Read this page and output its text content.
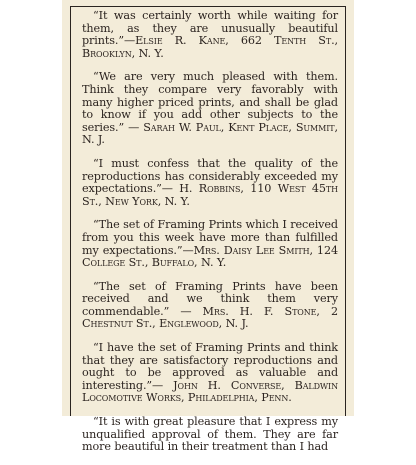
“It was certainly worth while waiting for them, as they are unusually beautiful prints.”—Elsie R. Kane, 662 Tenth St., Brooklyn, N. Y.

“We are very much pleased with them. Think they compare very favorably with many higher priced prints, and shall be glad to know if you add other subjects to the series.” — Sarah W. Paul, Kent Place, Summit, N. J.

“I must confess that the quality of the reproductions has considerably exceeded my expectations.”— H. Robbins, 110 West 45th St., New York, N. Y.

“The set of Framing Prints which I received from you this week have more than fulfilled my expectations.”—Mrs. Daisy Lee Smith, 124 College St., Buffalo, N. Y.

“The set of Framing Prints have been received and we think them very commendable.” — Mrs. H. F. Stone, 2 Chestnut St., Englewood, N. J.

“I have the set of Framing Prints and think that they are satisfactory reproductions and ought to be approved as valuable and interesting.”— John H. Converse, Baldwin Locomotive Works, Philadelphia, Penn.

“It is with great pleasure that I express my unqualified approval of them. They are far more beautiful in their treatment than I had
